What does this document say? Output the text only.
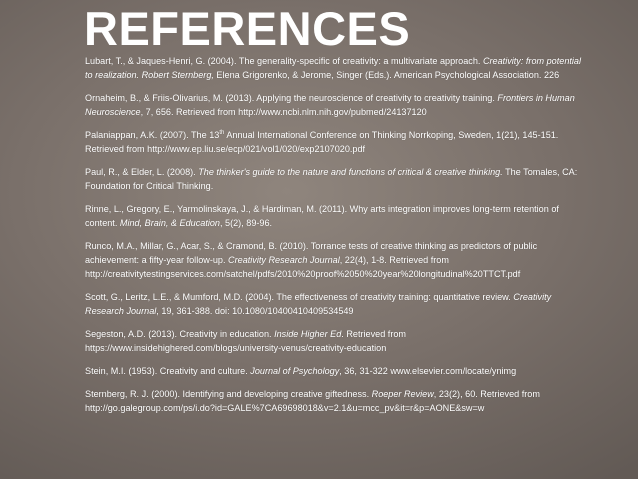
REFERENCES
Lubart, T., & Jaques-Henri, G. (2004). The generality-specific of creativity: a multivariate approach. Creativity: from potential to realization. Robert Sternberg, Elena Grigorenko, & Jerome, Singer (Eds.). American Psychological Association. 226
Ornaheim, B., & Friis-Olivarius, M. (2013). Applying the neuroscience of creativity to creativity training. Frontiers in Human Neuroscience, 7, 656. Retrieved from http://www.ncbi.nlm.nih.gov/pubmed/24137120
Palaniappan, A.K. (2007). The 13th Annual International Conference on Thinking Norrkoping, Sweden, 1(21), 145-151. Retrieved from http://www.ep.liu.se/ecp/021/vol1/020/exp2107020.pdf
Paul, R., & Elder, L. (2008). The thinker's guide to the nature and functions of critical & creative thinking. The Tomales, CA: Foundation for Critical Thinking.
Rinne, L., Gregory, E., Yarmolinskaya, J., & Hardiman, M. (2011). Why arts integration improves long-term retention of content. Mind, Brain, & Education, 5(2), 89-96.
Runco, M.A., Millar, G., Acar, S., & Cramond, B. (2010). Torrance tests of creative thinking as predictors of public achievement: a fifty-year follow-up. Creativity Research Journal, 22(4), 1-8. Retrieved from http://creativitytestingservices.com/satchel/pdfs/2010%20proof%2050%20year%20longitudinal%20TTCT.pdf
Scott, G., Leritz, L.E., & Mumford, M.D. (2004). The effectiveness of creativity training: quantitative review. Creativity Research Journal, 19, 361-388. doi: 10.1080/10400410409534549
Segeston, A.D. (2013). Creativity in education. Inside Higher Ed. Retrieved from https://www.insidehighered.com/blogs/university-venus/creativity-education
Stein, M.I. (1953). Creativity and culture. Journal of Psychology, 36, 31-322 www.elsevier.com/locate/ynimg
Sternberg, R. J. (2000). Identifying and developing creative giftedness. Roeper Review, 23(2), 60. Retrieved from http://go.galegroup.com/ps/i.do?id=GALE%7CA69698018&v=2.1&u=mcc_pv&it=r&p=AONE&sw=w
